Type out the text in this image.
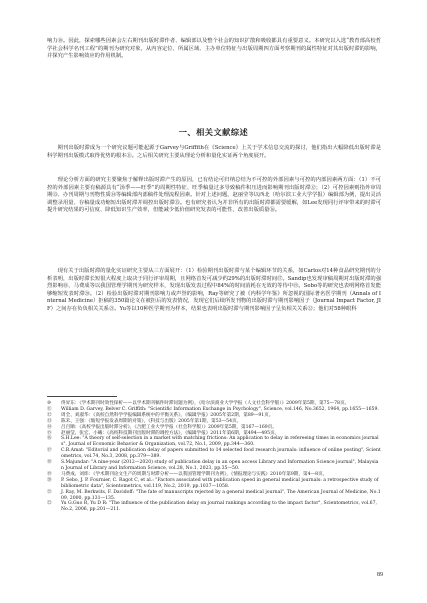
响力⑩。因此，探索哪些因素会左右期刊出版时滞作者、编辑部以及整个社会的知识扩散和吸收都具有重要意义。本研究以入选“教育部高校哲学社会科学名刊工程”的期刊为研究对象，从内容定位、所属区域、主办单位特征与出版周期四方面考察期刊的属性特征对其出版时滞的影响，并探究产生影响效应的作用机制。

一、相关文献综述

期刊出版时滞成为一个研究议题可能起源于Garvey与Griffith在《Science》上关于学术信息交流的探讨，他们指出大幅降低出版时滞是科学期刊出版模式取得优势的根本⑪。之后相关研究主要从理论分析和量化实证两个角度展开。

理论分析方面的研究主要聚焦于解释出版时滞产生的原因，已有结论可归纳总结为不可控的外部因素与可控的内部因素两方面：（1）不可控的外部因素主要有稿源具有“汤季——旺季”的周期性特征、旺季稿量过多导致稿件积压进而影响期刊出版时滞⑫；（2）可控因素则指外审周期⑬、办刊周期与刊物性质⑭等编辑部内部稿件处理流程因素。针对上述问题，赵丽莹等以西北（哈尔滨工业大学学报）编辑部为例，提出灵活调整录用量、存稿量成功缩短出版时滞并调控出版时滞⑮。也有研究者认为并非所有的出版时滞都需要缓解，如Lee发现同行评审带来的时滞可提升研究结果的可信度、降低知识生产效率，但能减少低价值研究发表的可能性，改善出版质量⑯。

现有关于出版时滞的量化实证研究主要从三方面展开：（1）检验期刊出版时滞与某个编辑环节的关系，如Carlos对14种食品研究期刊的分析表明，出版时滞长短很大程度上取决于同行评审周期，且网络首发可减少约29%的出版时滞时间⑰。Sandip也发现审稿周期对出版时滞的强烈影响⑱，马费成等以我国管理学期刊为研究样本，发现出版发表过程中84%的时间消耗在无效的等待中⑲。Sebo等的研究也表明网络首发能够缩短发表时滞⑳。（2）检验出版时滞对期刊影响力或声誉的影响，Ray等研究了被《内科学年鉴》所忽视的国际著名医学期刊（Annals of Internal Medicine）拒稿的350篇论文在被拒后的发表情况，发现它们后续所发刊物的出版时滞与期刊影响因子（Journal Impact Factor, JIF）之间存在负负相关关系㉑。Yu等以10种医学期刊为样本，结果也表明出版时滞与期刊影响因子呈负相关关系㉒；他们对58种眼科

⑩	佟昇东：《学术期刊时效性探析——以学术期刊稿件时滞问题为例》，《哈尔滨商业大学学报（人文社会科学版）》2009年第5期，第75—78页。
⑪	William D. Garvey, Belver C. Griffith: "Scientific Information Exchange in Psychology", Science, vol.146, No.3652, 1964, pp.1655—1659.
⑫	周全、刘淑华：《高校自然科学学报编辑系统中的平衡关系》，《编辑学报》2005年第2期，第89—91页。
⑬	陈禾、王强：《缩短学报发表周期的对策》，《科技与出版》2005年第1期，第53—54页。
⑭	吕百顺：《高校学报出版时滞分析》，《合肥工业大学学报（社会科学版）》2009年第5期，第167—169页。
⑮	赵丽莹、张宏、小曦：《高校科技期刊出版时滞的调控方法》，《编辑学报》2011年第6期，第494—495页。
⑯	S.H.Lee: "A theory of self-selection in a market with matching frictions: An application to delay in refereeing times in economics journals", Journal of Economic Behavior & Organization, vol.72, No.1, 2009, pp.344—360.
⑰	C.B.Amat: "Editorial and publication delay of papers submitted to 14 selected food research journals: influence of online posting", Scientometrics, vol.74, No.3, 2008, pp.379—389.
⑱	S.Majundar: "A nine-year (2012—2020) study of publication delay in an open access Library and Information Science journal", Malaysian Journal of Library and Information Science, vol.28, No.1, 2023, pp.35—50.
⑲	马费成、刘炜：《学术期刊论文生产的周期与时滞分析——以我国管理学期刊为例》，《情报理论与实践》2010年第9期，第4—8页。
⑳	P. Sebo, J. P. Fournier, C. Ragot C, et al.: "Factors associated with publication speed in general medical journals: a retrospective study of bibliometric data", Scientometrics, vol.119, No.2, 2019, pp.1037—1058.
㉑	J. Ray, M. Berkwits, F. Davidoff: "The fate of manuscripts rejected by a general medical journal", The American Journal of Medicine, No.109, 2000, pp.131—135.
㉒	Yu G.Guo R, Yu D R: "The influence of the publication delay on journal rankings according to the impact factor", Scientometrics, vol.67, No.2, 2006, pp.201—211.
89
